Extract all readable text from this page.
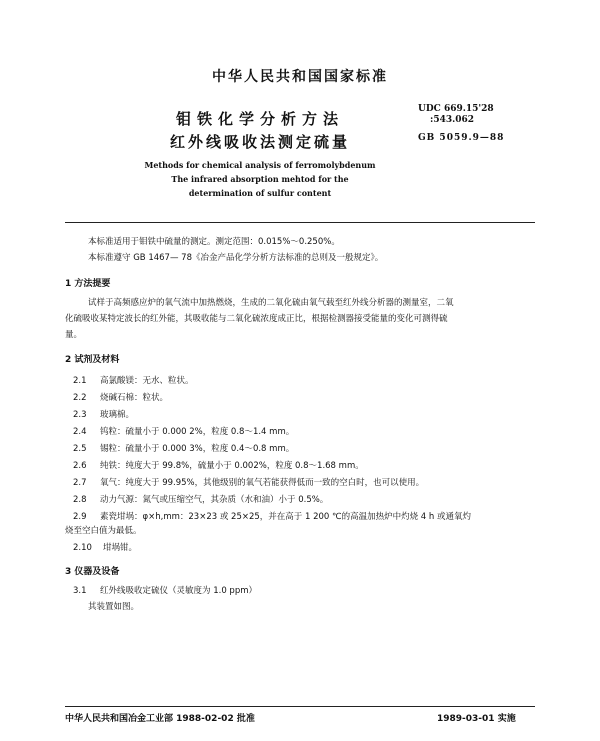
中华人民共和国国家标准
钼铁化学分析方法
红外线吸收法测定硫量
UDC 669.15'28
:543.062
GB 5059.9—88
Methods for chemical analysis of ferromolybdenum
The infrared absorption mehtod for the
determination of sulfur content
本标准适用于钼铁中硫量的测定。测定范围：0.015%～0.250%。
本标准遵守 GB 1467— 78《冶金产品化学分析方法标准的总则及一般规定》。
1 方法提要
试样于高频感应炉的氧气流中加热燃烧，生成的二氧化硫由氧气载至红外线分析器的测量室，二氧
化硫吸收某特定波长的红外能，其吸收能与二氧化硫浓度成正比，根据检测器接受能量的变化可测得硫
量。
2 试剂及材料
2.1 高氯酸镁：无水、粒状。
2.2 烧碱石棉：粒状。
2.3 玻璃棉。
2.4 钨粒：硫量小于 0.000 2%，粒度 0.8～1.4 mm。
2.5 锡粒：硫量小于 0.000 3%，粒度 0.4～0.8 mm。
2.6 纯铁：纯度大于 99.8%，硫量小于 0.002%，粒度 0.8～1.68 mm。
2.7 氧气：纯度大于 99.95%，其他级别的氧气若能获得低而一致的空白时，也可以使用。
2.8 动力气源：氮气或压缩空气，其杂质（水和油）小于 0.5%。
2.9 素瓷坩埚：φ×h,mm：23×23 或 25×25，并在高于 1 200 ℃的高温加热炉中灼烧 4 h 或通氧灼
烧至空白值为最低。
2.10 坩埚钳。
3 仪器及设备
3.1 红外线吸收定硫仪（灵敏度为 1.0 ppm）
其装置如图。
中华人民共和国冶金工业部 1988-02-02 批准	1989-03-01 实施
